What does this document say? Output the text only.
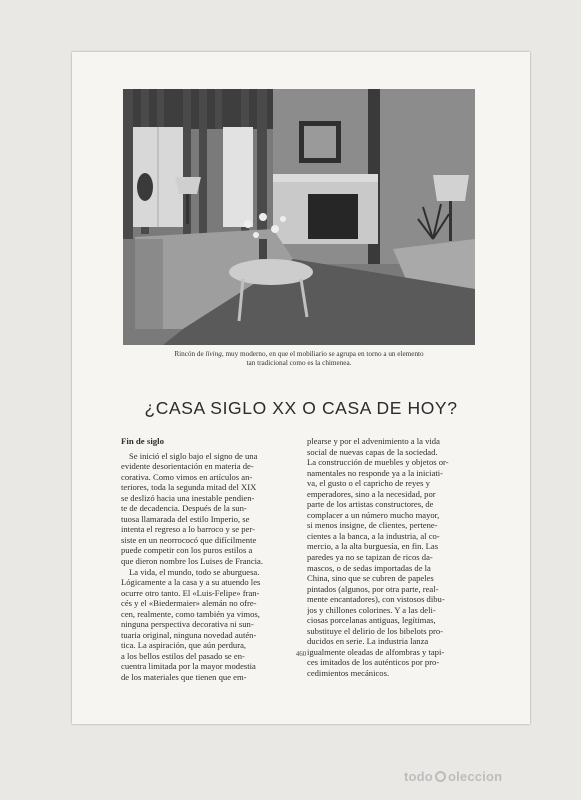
Rincón de living, muy moderno, en que el mobiliario se agrupa en torno a un elemento
tan tradicional como es la chimenea.
¿CASA SIGLO XX O CASA DE HOY?
Fin de siglo
Se inició el siglo bajo el signo de una
evidente desorientación en materia de-
corativa. Como vimos en artículos an-
teriores, toda la segunda mitad del XIX
se deslizó hacia una inestable pendien-
te de decadencia. Después de la sun-
tuosa llamarada del estilo Imperio, se
intenta el regreso a lo barroco y se per-
siste en un neorrococó que difícilmente
puede competir con los puros estilos a
que dieron nombre los Luises de Francia.
La vida, el mundo, todo se aburguesa.
Lógicamente a la casa y a su atuendo les
ocurre otro tanto. El «Luis-Felipe» fran-
cés y el «Biedermaier» alemán no ofre-
cen, realmente, como también ya vimos,
ninguna perspectiva decorativa ni sun-
tuaria original, ninguna novedad autén-
tica. La aspiración, que aún perdura,
a los bellos estilos del pasado se en-
cuentra limitada por la mayor modestia
de los materiales que tienen que em-
plearse y por el advenimiento a la vida
social de nuevas capas de la sociedad.
La construcción de muebles y objetos or-
namentales no responde ya a la iniciati-
va, el gusto o el capricho de reyes y
emperadores, sino a la necesidad, por
parte de los artistas constructores, de
complacer a un número mucho mayor,
si menos insigne, de clientes, pertene-
cientes a la banca, a la industria, al co-
mercio, a la alta burguesía, en fin. Las
paredes ya no se tapizan de ricos da-
mascos, o de sedas importadas de la
China, sino que se cubren de papeles
pintados (algunos, por otra parte, real-
mente encantadores), con vistosos dibu-
jos y chillones colorines. Y a las deli-
ciosas porcelanas antiguas, legítimas,
substituye el delirio de los bibelots pro-
ducidos en serie. La industria lanza
igualmente oleadas de alfombras y tapi-
ces imitados de los auténticos por pro-
cedimientos mecánicos.
460
todo oleccion
